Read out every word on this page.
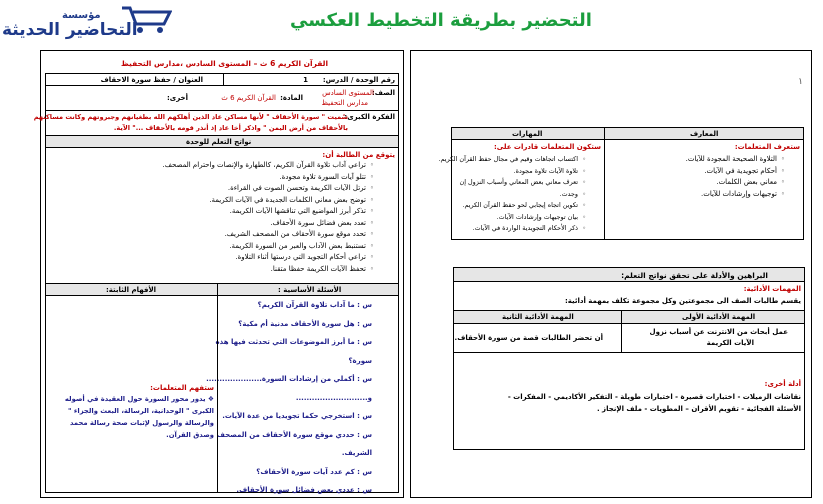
مؤسسة
التحاضير الحديثة	التحضير بطريقة التخطيط العكسي
القرآن الكريم 6 ث – المستوى السادس ،مدارس التحفيظ
رقم الوحدة / الدرس:
1
العنوان / حفظ سورة الاحقاف
الصف:
المستوى السادس
مدارس التحفيظ
المادة:
القرآن الكريم 6 ث
أخرى:
الفكرة الكبرى:
سُميت " سورة الأحقاف " لأنها مساكن عاد الذين أهلكهم الله بطغيانهم وجبروتهم وكانت مساكنهم
بالأحقاف من أرض اليمن " واذكر أخا عاد إذ أنذر قومه بالأحقاف ..." الآية.
نواتج التعلم للوحدة
يتوقع من الطالبة أن:
◦ تراعي آداب تلاوة القرآن الكريم، كالطهارة والإنصات واحترام المصحف.
◦ تتلو آيات السورة تلاوة مجودة.
◦ ترتل الآيات الكريمة وتحسن الصوت في القراءة.
◦ توضح بعض معاني الكلمات الجديدة في الآيات الكريمة.
◦ تذكر أبرز المواضيع التي تناقشها الآيات الكريمة.
◦ تعدد بعض فضائل سورة الأحقاف.
◦ تحدد موقع سورة الأحقاف من المصحف الشريف.
◦ تستنبط بعض الآداب والعبر من السورة الكريمة.
◦ تراعي أحكام التجويد التي درستها أثناء التلاوة.
◦ تحفظ الآيات الكريمة حفظا متقنا.
الأسئلة الأساسية :
الأفهام الثابتة:
س : ما آداب تلاوة القرآن الكريم؟
س : هل سورة الأحقاف مدنية أم مكية؟
س : ما أبرز الموضوعات التي تحدثت فيها هذه
سورة؟
س : أكملي من إرشادات السورة.....................
و...........................
س : استخرجي حكما تجويديا من عدة الآيات.
س : حددي موقع سورة الأحقاف من المصحف
الشريف.
س : كم عدد آيات سورة الأحقاف؟
س : عددي بعض فضائل سورة الأحقاف.
ستفهم المتعلمات:
❖ يدور محور السورة حول العقيدة في أصوله
الكبرى " الوحدانية، الرسالة، البعث والجزاء "
والرسالة والرسول لإثبات صحة رسالة محمد
وصدق القرآن.
١
المعارف
المهارات
ستعرف المتعلمات:
◦ التلاوة الصحيحة المجودة للآيات.
◦ أحكام تجويدية في الآيات.
◦ معاني بعض الكلمات.
◦ توجيهات وإرشادات للآيات.
ستكون المتعلمات قادرات على:
◦ اكتساب اتجاهات وقيم في مجال حفظ القرآن الكريم.
◦ تلاوة الآيات تلاوة مجودة.
◦ تعرف معاني بعض المعاني وأسباب النزول إن
◦ وجدت.
◦ تكوين اتجاه إيجابي لحو حفظ القرآن الكريم.
◦ بيان توجيهات وإرشادات الآيات.
◦ ذكر الأحكام التجويدية الواردة في الآيات.
البراهين والأدلة على تحقق نواتج التعلم:
المهمات الأدائية:
يقسم طالبات الصف الى مجموعتين وكل مجموعة تكلف بمهمة أدائية:
المهمة الأدائية الأولى
المهمة الأدائية الثانية
عمل أبحاث من الانترنت عن أسباب نزول
الآيات الكريمة
أن تحضر الطالبات قصة من سورة الأحقاف.
أدلة أخرى:
نقاشات الزميلات - اختبارات قصيرة - اختبارات طويلة - التفكير الأكاديمي - المفكرات -
الأسئلة الفجائية - تقويم الأقران – المطويات - ملف الإنجاز .
